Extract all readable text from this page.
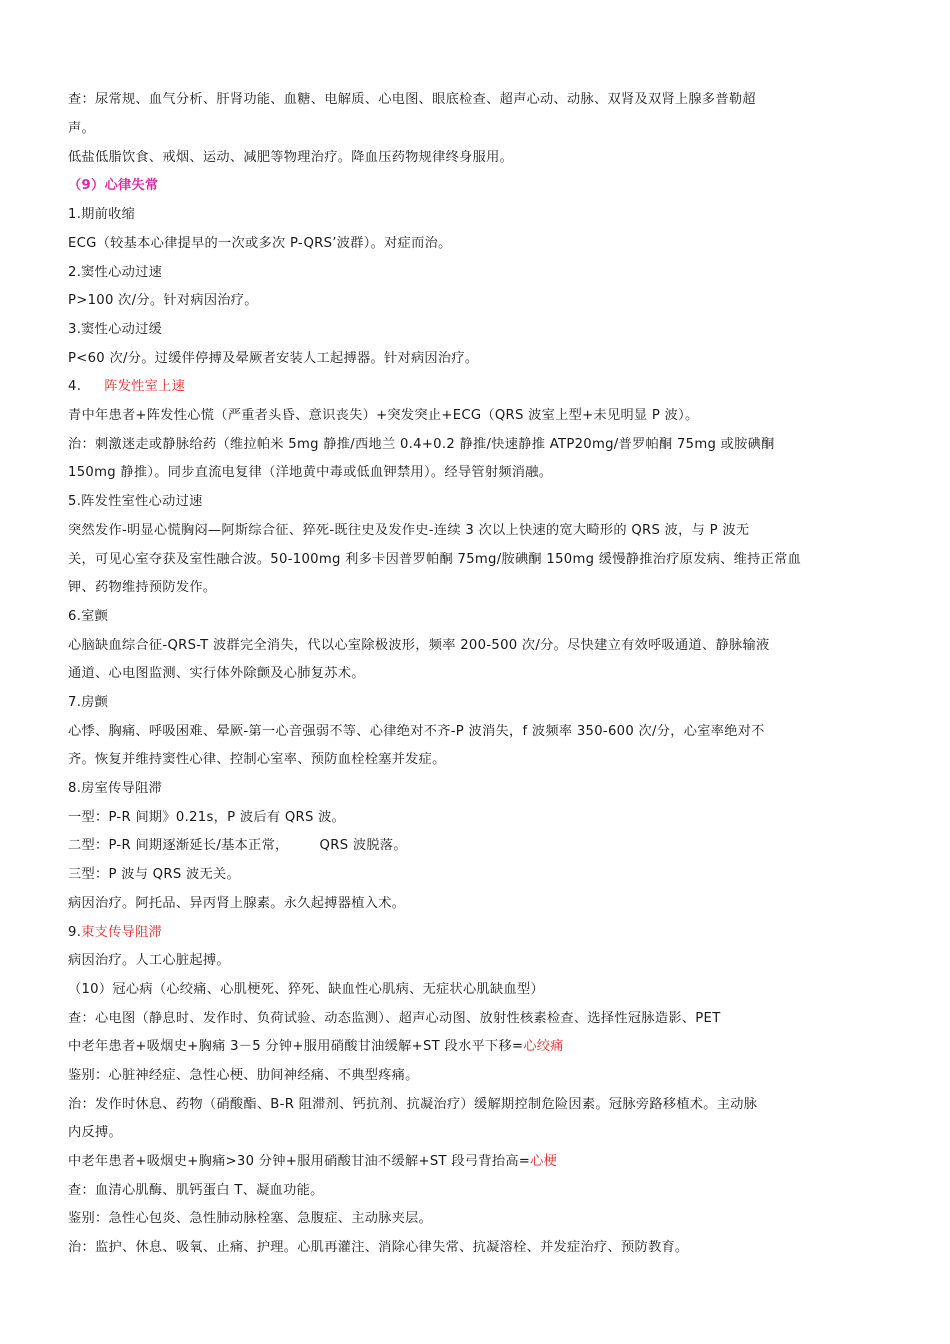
查：尿常规、血气分析、肝肾功能、血糖、电解质、心电图、眼底检查、超声心动、动脉、双肾及双肾上腺多普勒超
声。
低盐低脂饮食、戒烟、运动、减肥等物理治疗。降血压药物规律终身服用。
（9）心律失常
1.期前收缩
ECG（较基本心律提早的一次或多次 P-QRS’波群）。对症而治。
2.窦性心动过速
P>100 次/分。针对病因治疗。
3.窦性心动过缓
P<60 次/分。过缓伴停搏及晕厥者安装人工起搏器。针对病因治疗。
4. 阵发性室上速
青中年患者+阵发性心慌（严重者头昏、意识丧失）+突发突止+ECG（QRS 波室上型+未见明显 P 波）。
治：刺激迷走或静脉给药（维拉帕米 5mg 静推/西地兰 0.4+0.2 静推/快速静推 ATP20mg/普罗帕酮 75mg 或胺碘酮
150mg 静推）。同步直流电复律（洋地黄中毒或低血钾禁用）。经导管射频消融。
5.阵发性室性心动过速
突然发作-明显心慌胸闷—阿斯综合征、猝死-既往史及发作史-连续 3 次以上快速的宽大畸形的 QRS 波，与 P 波无
关，可见心室夺获及室性融合波。50-100mg 利多卡因普罗帕酮 75mg/胺碘酮 150mg 缓慢静推治疗原发病、维持正常血
钾、药物维持预防发作。
6.室颤
心脑缺血综合征-QRS-T 波群完全消失，代以心室除极波形，频率 200-500 次/分。尽快建立有效呼吸通道、静脉输液
通道、心电图监测、实行体外除颤及心肺复苏术。
7.房颤
心悸、胸痛、呼吸困难、晕厥-第一心音强弱不等、心律绝对不齐-P 波消失，f 波频率 350-600 次/分，心室率绝对不
齐。恢复并维持窦性心律、控制心室率、预防血栓栓塞并发症。
8.房室传导阻滞
一型：P-R 间期》0.21s，P 波后有 QRS 波。
二型：P-R 间期逐渐延长/基本正常， QRS 波脱落。
三型：P 波与 QRS 波无关。
病因治疗。阿托品、异丙肾上腺素。永久起搏器植入术。
9.束支传导阻滞
病因治疗。人工心脏起搏。
（10）冠心病（心绞痛、心肌梗死、猝死、缺血性心肌病、无症状心肌缺血型）
查：心电图（静息时、发作时、负荷试验、动态监测）、超声心动图、放射性核素检查、选择性冠脉造影、PET
中老年患者+吸烟史+胸痛 3－5 分钟+服用硝酸甘油缓解+ST 段水平下移=心绞痛
鉴别：心脏神经症、急性心梗、肋间神经痛、不典型疼痛。
治：发作时休息、药物（硝酸酯、B-R 阻滞剂、钙抗剂、抗凝治疗）缓解期控制危险因素。冠脉旁路移植术。主动脉
内反搏。
中老年患者+吸烟史+胸痛>30 分钟+服用硝酸甘油不缓解+ST 段弓背抬高=心梗
查：血清心肌酶、肌钙蛋白 T、凝血功能。
鉴别：急性心包炎、急性肺动脉栓塞、急腹症、主动脉夹层。
治：监护、休息、吸氧、止痛、护理。心肌再灌注、消除心律失常、抗凝溶栓、并发症治疗、预防教育。
